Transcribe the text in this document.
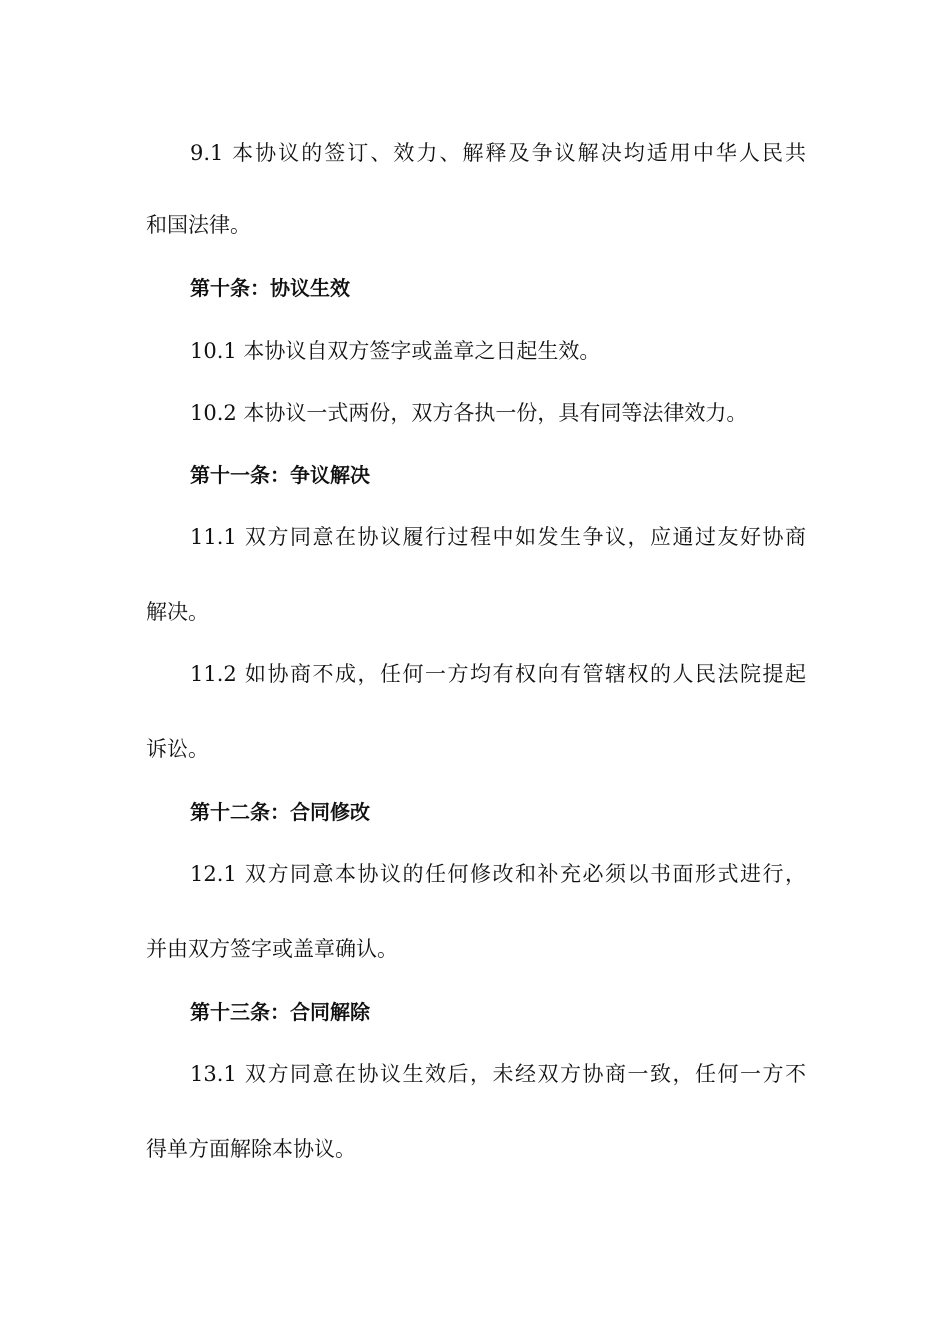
9.1 本协议的签订、效力、解释及争议解决均适用中华人民共
和国法律。
第十条：协议生效
10.1 本协议自双方签字或盖章之日起生效。
10.2 本协议一式两份，双方各执一份，具有同等法律效力。
第十一条：争议解决
11.1 双方同意在协议履行过程中如发生争议，应通过友好协商
解决。
11.2 如协商不成，任何一方均有权向有管辖权的人民法院提起
诉讼。
第十二条：合同修改
12.1 双方同意本协议的任何修改和补充必须以书面形式进行，
并由双方签字或盖章确认。
第十三条：合同解除
13.1 双方同意在协议生效后，未经双方协商一致，任何一方不
得单方面解除本协议。
